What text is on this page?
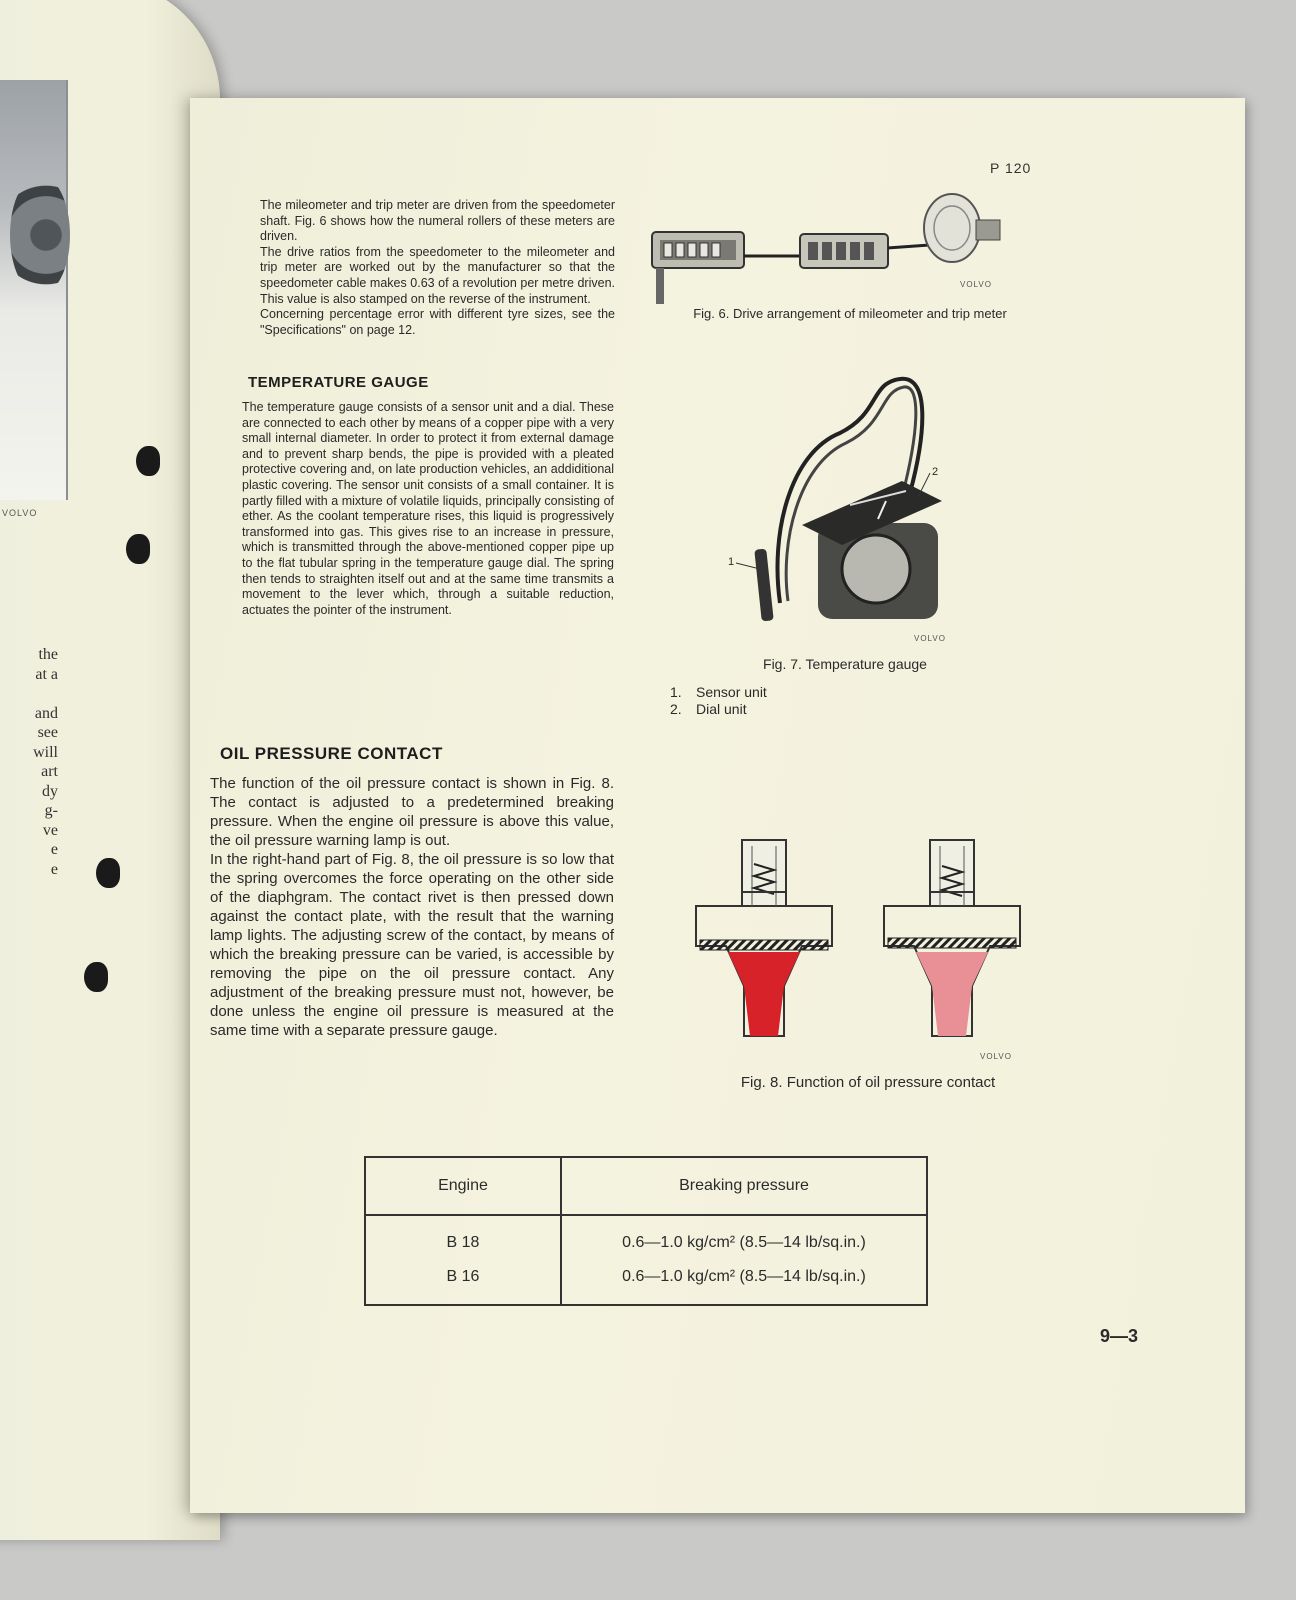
VOLVO
the
at a

and
see
will
art
dy
g-
ve
e
e
P 120

The mileometer and trip meter are driven from the speedometer shaft. Fig. 6 shows how the numeral rollers of these meters are driven.

The drive ratios from the speedometer to the mileometer and trip meter are worked out by the manufacturer so that the speedometer cable makes 0.63 of a revolution per metre driven. This value is also stamped on the reverse of the instrument.

Concerning percentage error with different tyre sizes, see the "Specifications" on page 12.

TEMPERATURE GAUGE

The temperature gauge consists of a sensor unit and a dial. These are connected to each other by means of a copper pipe with a very small internal diameter. In order to protect it from external damage and to prevent sharp bends, the pipe is provided with a pleated protective covering and, on late production vehicles, an addiditional plastic covering. The sensor unit consists of a small container. It is partly filled with a mixture of volatile liquids, principally consisting of ether. As the coolant temperature rises, this liquid is progressively transformed into gas. This gives rise to an increase in pressure, which is transmitted through the above-mentioned copper pipe up to the flat tubular spring in the temperature gauge dial. The spring then tends to straighten itself out and at the same time transmits a movement to the lever which, through a suitable reduction, actuates the pointer of the instrument.

OIL PRESSURE CONTACT

The function of the oil pressure contact is shown in Fig. 8. The contact is adjusted to a predetermined breaking pressure. When the engine oil pressure is above this value, the oil pressure warning lamp is out.

In the right-hand part of Fig. 8, the oil pressure is so low that the spring overcomes the force operating on the other side of the diaphgram. The contact rivet is then pressed down against the contact plate, with the result that the warning lamp lights. The adjusting screw of the contact, by means of which the breaking pressure can be varied, is accessible by removing the pipe on the oil pressure contact. Any adjustment of the breaking pressure must not, however, be done unless the engine oil pressure is measured at the same time with a separate pressure gauge.

VOLVO
Fig. 6. Drive arrangement of mileometer and trip meter
1
2
VOLVO
Fig. 7. Temperature gauge
1. Sensor unit
2. Dial unit
VOLVO
Fig. 8. Function of oil pressure contact
Engine	Breaking pressure
B 18	0.6—1.0 kg/cm² (8.5—14 lb/sq.in.)
B 16	0.6—1.0 kg/cm² (8.5—14 lb/sq.in.)
9—3
